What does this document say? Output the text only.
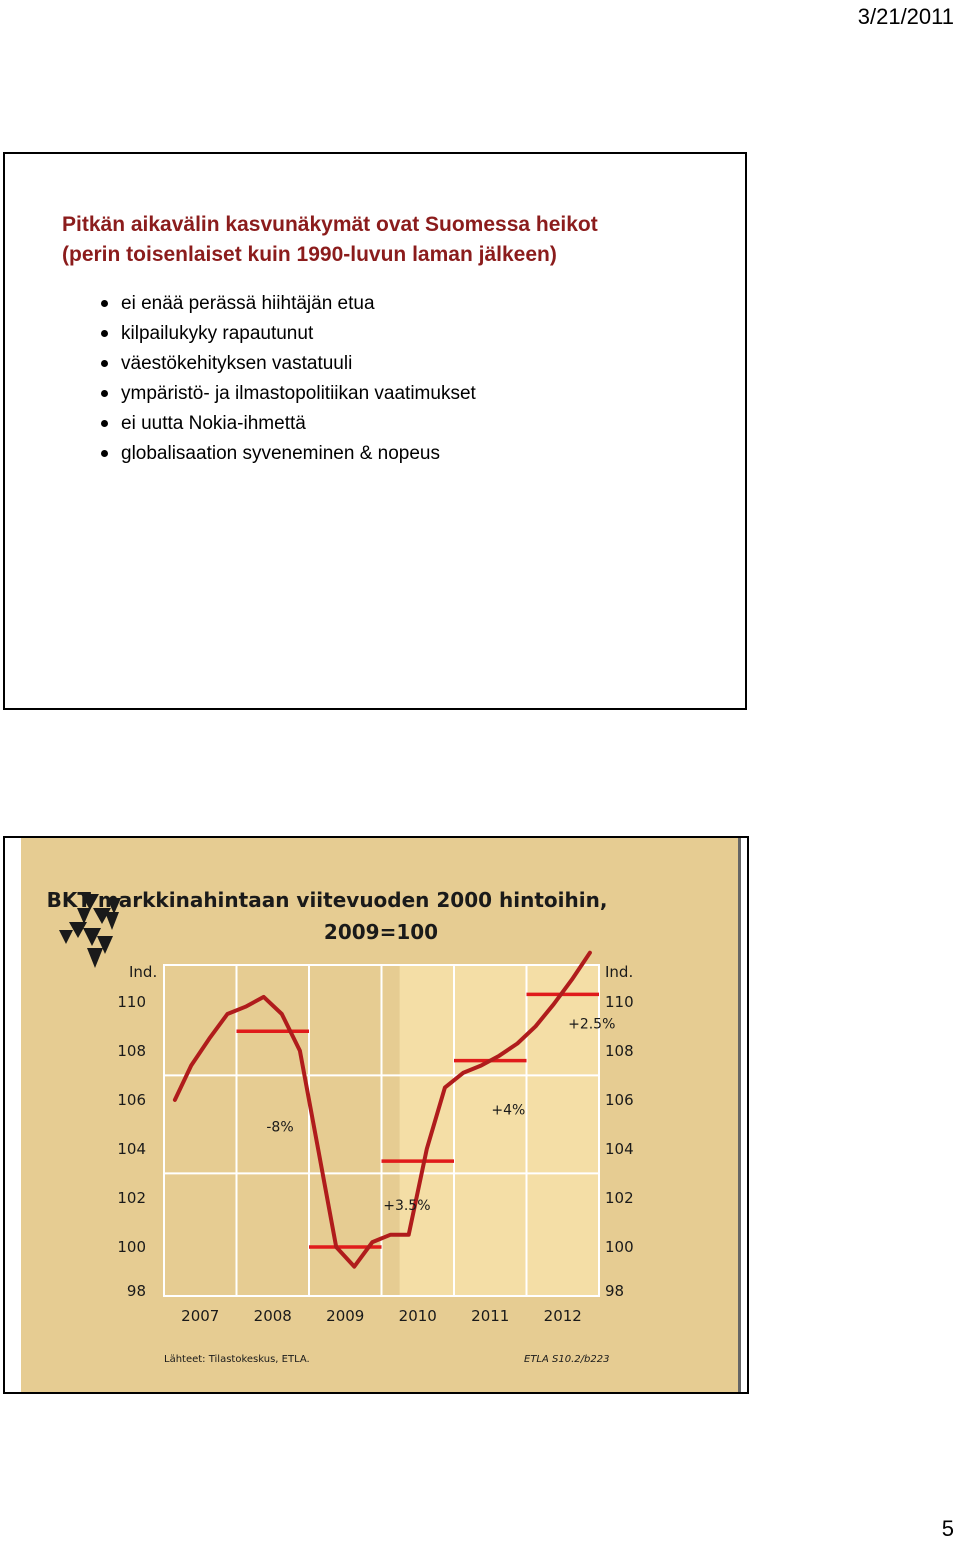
3/21/2011
Pitkän aikavälin kasvunäkymät ovat Suomessa heikot
(perin toisenlaiset kuin 1990-luvun laman jälkeen)
ei enää perässä hiihtäjän etua
kilpailukyky rapautunut
väestökehityksen vastatuuli
ympäristö- ja ilmastopolitiikan vaatimukset
ei uutta Nokia-ihmettä
globalisaation syveneminen & nopeus
BKT markkinahintaan viitevuoden 2000 hintoihin,
2009=100
Ind.	Ind.
98
100
102
104
106
108
110
98
100
102
104
106
108
110
2007 2008 2009 2010 2011 2012
-8%
+3.5%
+4%
+2.5%
Lähteet: Tilastokeskus, ETLA.	ETLA S10.2/b223
5
